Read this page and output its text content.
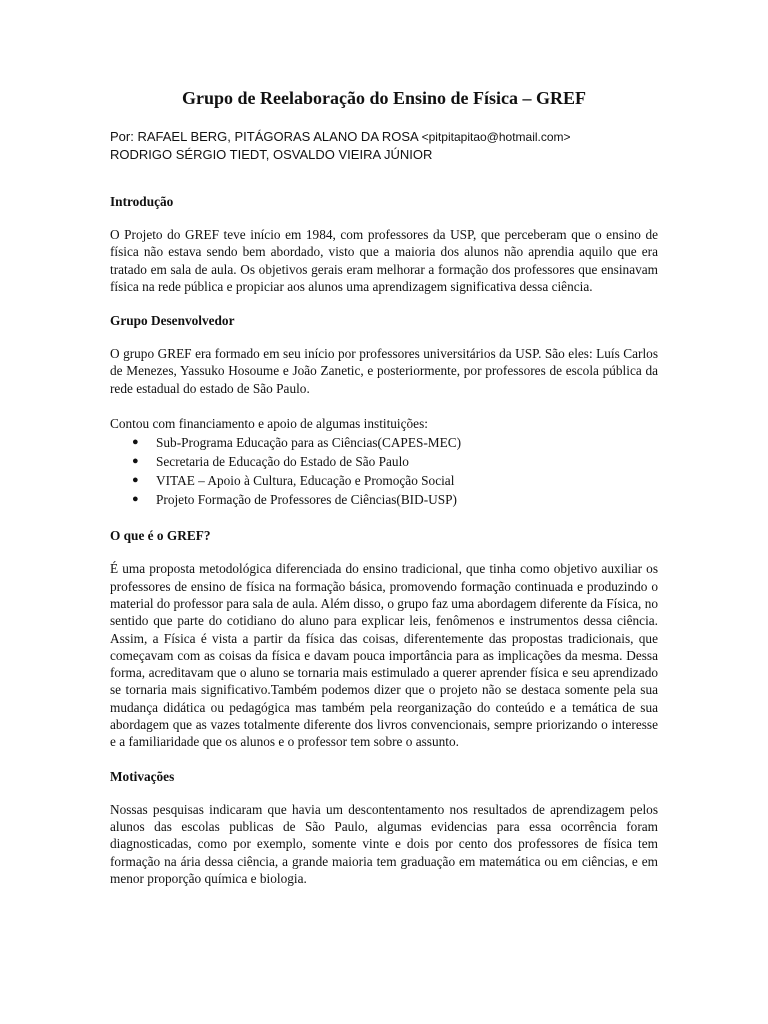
Grupo de Reelaboração do Ensino de Física – GREF
Por: RAFAEL BERG, PITÁGORAS ALANO DA ROSA <pitpitapitao@hotmail.com>
RODRIGO SÉRGIO TIEDT, OSVALDO VIEIRA JÚNIOR
Introdução

O Projeto do GREF teve início em 1984, com professores da USP, que perceberam que o ensino de física não estava sendo bem abordado, visto que a maioria dos alunos não aprendia aquilo que era tratado em sala de aula. Os objetivos gerais eram melhorar a formação dos professores que ensinavam física na rede pública e propiciar aos alunos uma aprendizagem significativa dessa ciência.

Grupo Desenvolvedor

O grupo GREF era formado em seu início por professores universitários da USP. São eles: Luís Carlos de Menezes, Yassuko Hosoume e João Zanetic, e posteriormente, por professores de escola pública da rede estadual do estado de São Paulo.

Contou com financiamento e apoio de algumas instituições:

● Sub-Programa Educação para as Ciências(CAPES-MEC)
● Secretaria de Educação do Estado de São Paulo
● VITAE – Apoio à Cultura, Educação e Promoção Social
● Projeto Formação de Professores de Ciências(BID-USP)
O que é o GREF?

É uma proposta metodológica diferenciada do ensino tradicional, que tinha como objetivo auxiliar os professores de ensino de física na formação básica, promovendo formação continuada e produzindo o material do professor para sala de aula. Além disso, o grupo faz uma abordagem diferente da Física, no sentido que parte do cotidiano do aluno para explicar leis, fenômenos e instrumentos dessa ciência. Assim, a Física é vista a partir da física das coisas, diferentemente das propostas tradicionais, que começavam com as coisas da física e davam pouca importância para as implicações da mesma. Dessa forma, acreditavam que o aluno se tornaria mais estimulado a querer aprender física e seu aprendizado se tornaria mais significativo.Também podemos dizer que o projeto não se destaca somente pela sua mudança didática ou pedagógica mas também pela reorganização do conteúdo e a temática de sua abordagem que as vazes totalmente diferente dos livros convencionais, sempre priorizando o interesse e a familiaridade que os alunos e o professor tem sobre o assunto.

Motivações

Nossas pesquisas indicaram que havia um descontentamento nos resultados de aprendizagem pelos alunos das escolas publicas de São Paulo, algumas evidencias para essa ocorrência foram diagnosticadas, como por exemplo, somente vinte e dois por cento dos professores de física tem formação na ária dessa ciência, a grande maioria tem graduação em matemática ou em ciências, e em menor proporção química e biologia.
